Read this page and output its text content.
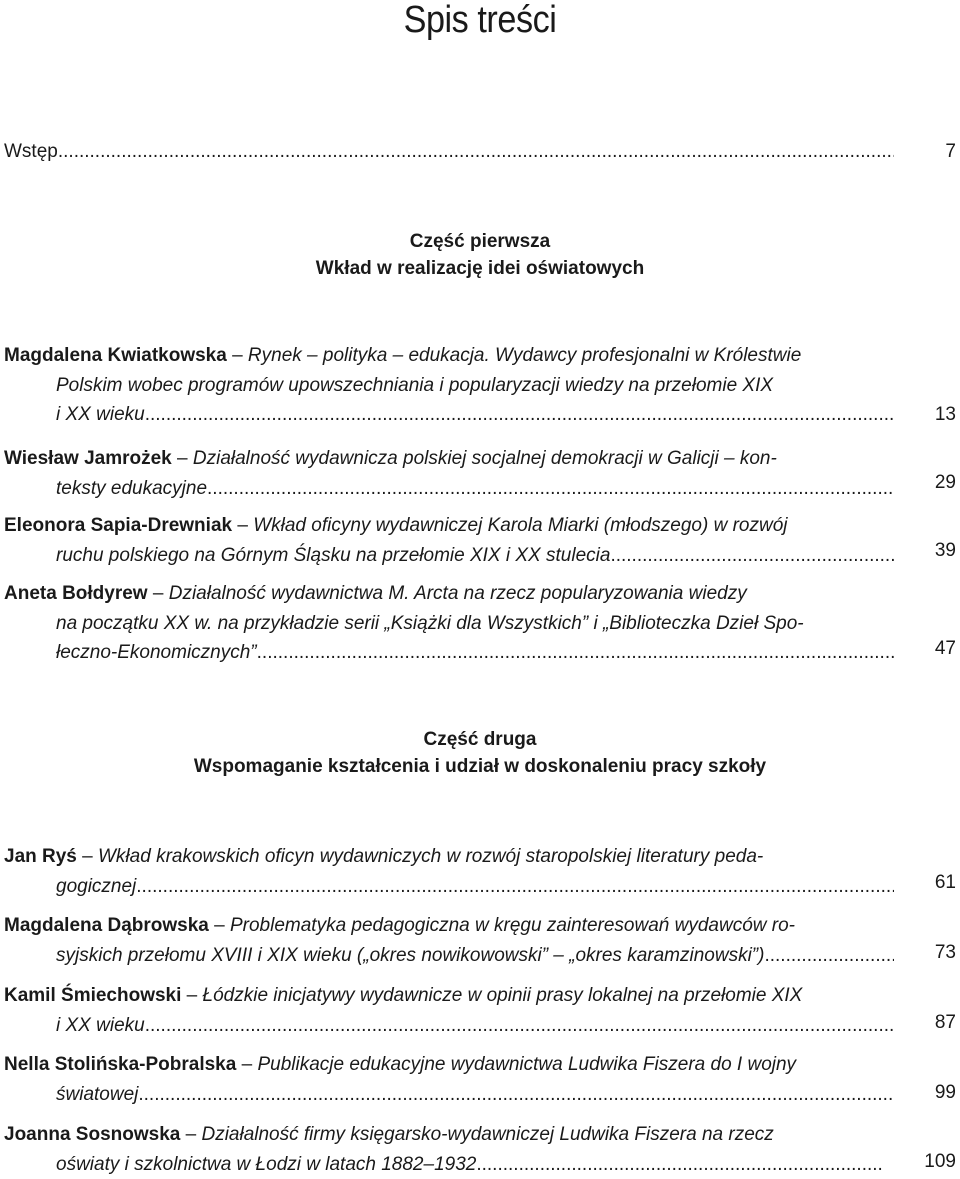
Spis treści
Wstęp .....	7
Część pierwsza
Wkład w realizację idei oświatowych
Magdalena Kwiatkowska – Rynek – polityka – edukacja. Wydawcy profesjonalni w Królestwie
Polskim wobec programów upowszechniania i popularyzacji wiedzy na przełomie XIX
i XX wieku .....	13
Wiesław Jamrożek – Działalność wydawnicza polskiej socjalnej demokracji w Galicji – kon-
teksty edukacyjne .....	29
Eleonora Sapia-Drewniak – Wkład oficyny wydawniczej Karola Miarki (młodszego) w rozwój
ruchu polskiego na Górnym Śląsku na przełomie XIX i XX stulecia .....	39
Aneta Bołdyrew – Działalność wydawnictwa M. Arcta na rzecz popularyzowania wiedzy
na początku XX w. na przykładzie serii „Książki dla Wszystkich” i „Biblioteczka Dzieł Spo-
łeczno-Ekonomicznych” .....	47
Część druga
Wspomaganie kształcenia i udział w doskonaleniu pracy szkoły
Jan Ryś – Wkład krakowskich oficyn wydawniczych w rozwój staropolskiej literatury peda-
gogicznej .....	61
Magdalena Dąbrowska – Problematyka pedagogiczna w kręgu zainteresowań wydawców ro-
syjskich przełomu XVIII i XIX wieku („okres nowikowowski” – „okres karamzinowski”) .....	73
Kamil Śmiechowski – Łódzkie inicjatywy wydawnicze w opinii prasy lokalnej na przełomie XIX
i XX wieku .....	87
Nella Stolińska-Pobralska – Publikacje edukacyjne wydawnictwa Ludwika Fiszera do I wojny
światowej .....	99
Joanna Sosnowska – Działalność firmy księgarsko-wydawniczej Ludwika Fiszera na rzecz
oświaty i szkolnictwa w Łodzi w latach 1882–1932 .....	109
